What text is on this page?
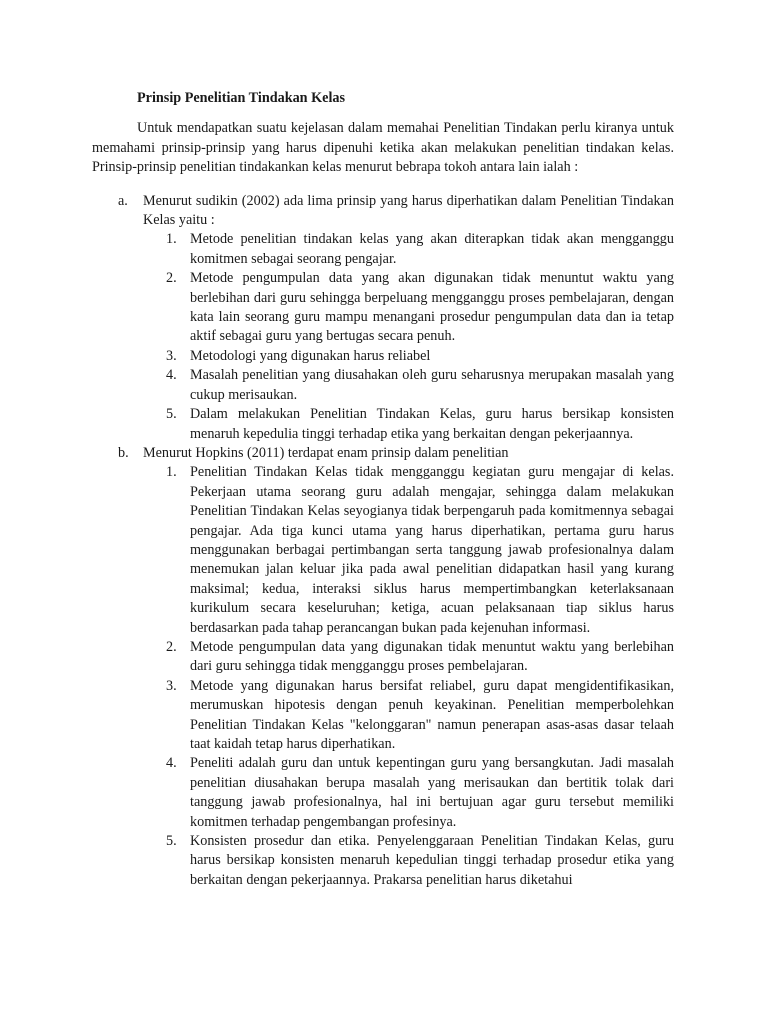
Prinsip Penelitian Tindakan Kelas

Untuk mendapatkan suatu kejelasan dalam memahai Penelitian Tindakan perlu kiranya untuk memahami prinsip-prinsip yang harus dipenuhi ketika akan melakukan penelitian tindakan kelas. Prinsip-prinsip penelitian tindakankan kelas menurut bebrapa tokoh antara lain ialah :

a. Menurut sudikin (2002) ada lima prinsip yang harus diperhatikan dalam Penelitian Tindakan Kelas yaitu :
1. Metode penelitian tindakan kelas yang akan diterapkan tidak akan mengganggu komitmen sebagai seorang pengajar.
2. Metode pengumpulan data yang akan digunakan tidak menuntut waktu yang berlebihan dari guru sehingga berpeluang mengganggu proses pembelajaran, dengan kata lain seorang guru mampu menangani prosedur pengumpulan data dan ia tetap aktif sebagai guru yang bertugas secara penuh.
3. Metodologi yang digunakan harus reliabel
4. Masalah penelitian yang diusahakan oleh guru seharusnya merupakan masalah yang cukup merisaukan.
5. Dalam melakukan Penelitian Tindakan Kelas, guru harus bersikap konsisten menaruh kepedulia tinggi terhadap etika yang berkaitan dengan pekerjaannya.
b. Menurut Hopkins (2011) terdapat enam prinsip dalam penelitian
1. Penelitian Tindakan Kelas tidak mengganggu kegiatan guru mengajar di kelas. Pekerjaan utama seorang guru adalah mengajar, sehingga dalam melakukan Penelitian Tindakan Kelas seyogianya tidak berpengaruh pada komitmennya sebagai pengajar. Ada tiga kunci utama yang harus diperhatikan, pertama guru harus menggunakan berbagai pertimbangan serta tanggung jawab profesionalnya dalam menemukan jalan keluar jika pada awal penelitian didapatkan hasil yang kurang maksimal; kedua, interaksi siklus harus mempertimbangkan keterlaksanaan kurikulum secara keseluruhan; ketiga, acuan pelaksanaan tiap siklus harus berdasarkan pada tahap perancangan bukan pada kejenuhan informasi.
2. Metode pengumpulan data yang digunakan tidak menuntut waktu yang berlebihan dari guru sehingga tidak mengganggu proses pembelajaran.
3. Metode yang digunakan harus bersifat reliabel, guru dapat mengidentifikasikan, merumuskan hipotesis dengan penuh keyakinan. Penelitian memperbolehkan Penelitian Tindakan Kelas "kelonggaran" namun penerapan asas-asas dasar telaah taat kaidah tetap harus diperhatikan.
4. Peneliti adalah guru dan untuk kepentingan guru yang bersangkutan. Jadi masalah penelitian diusahakan berupa masalah yang merisaukan dan bertitik tolak dari tanggung jawab profesionalnya, hal ini bertujuan agar guru tersebut memiliki komitmen terhadap pengembangan profesinya.
5. Konsisten prosedur dan etika. Penyelenggaraan Penelitian Tindakan Kelas, guru harus bersikap konsisten menaruh kepedulian tinggi terhadap prosedur etika yang berkaitan dengan pekerjaannya. Prakarsa penelitian harus diketahui
